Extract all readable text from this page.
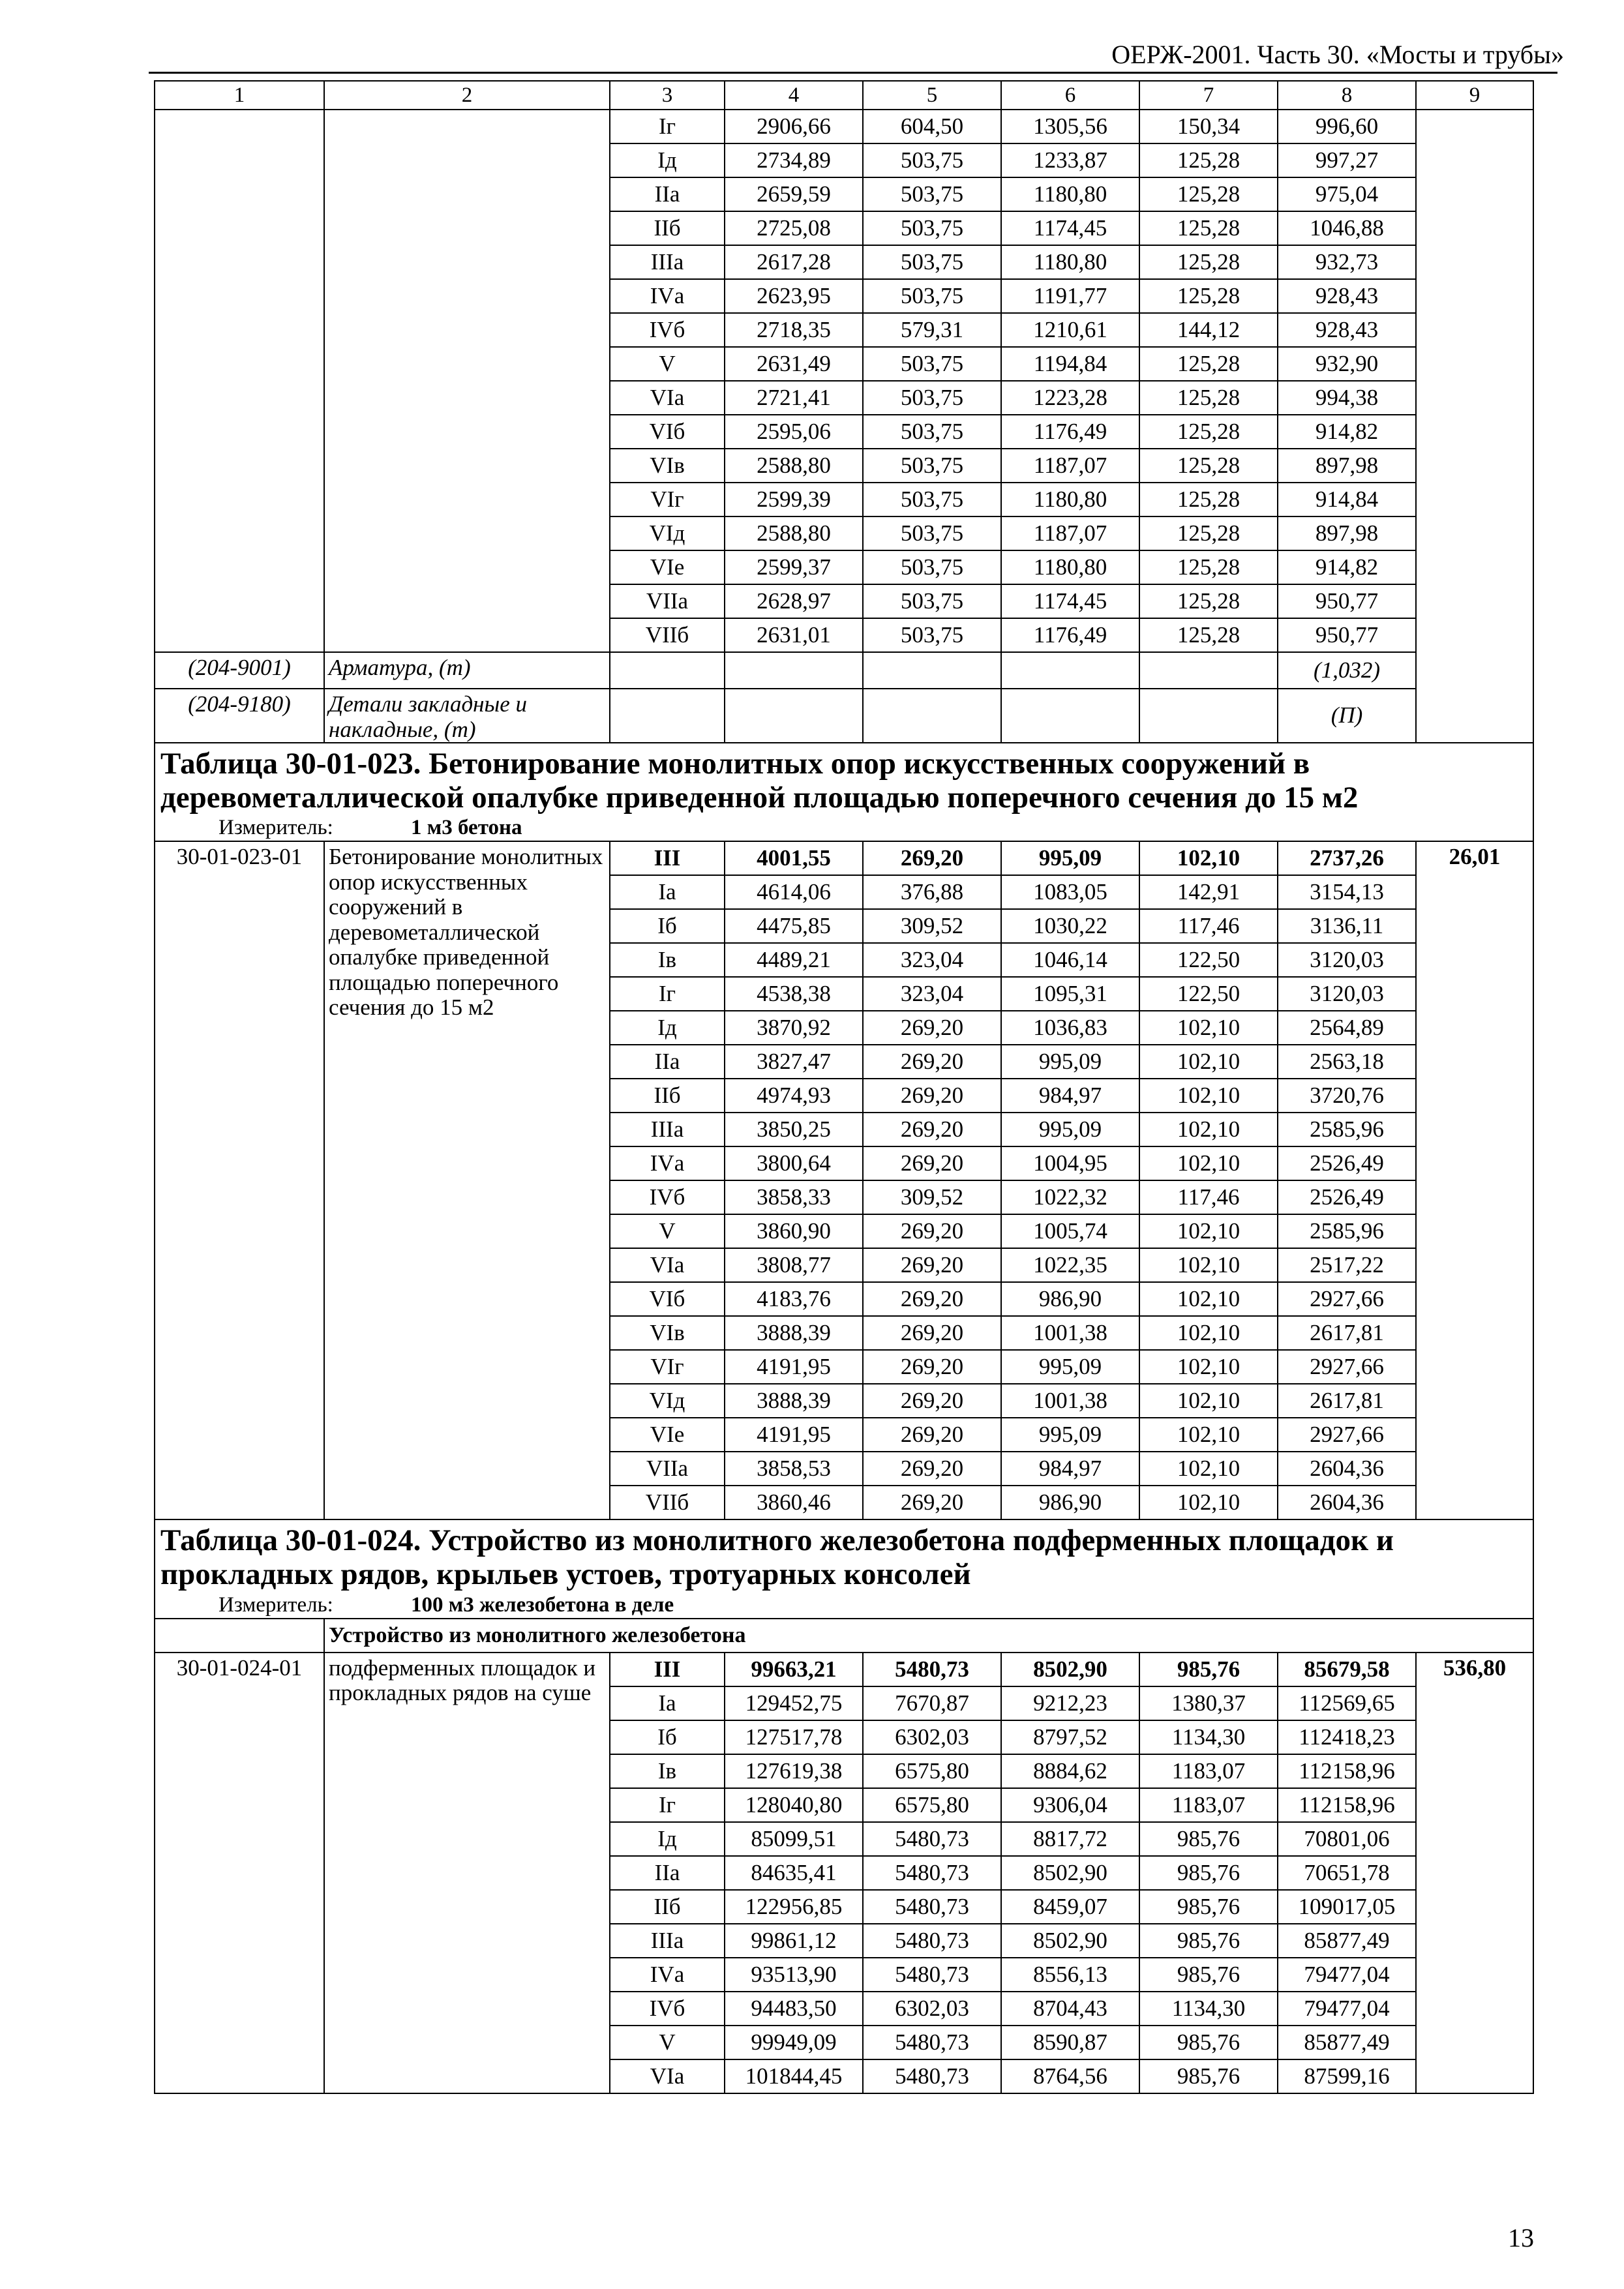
ОЕРЖ-2001. Часть 30. «Мосты и трубы»
1	2	3	4	5	6	7	8	9
		Iг	2906,66	604,50	1305,56	150,34	996,60	
		Iд	2734,89	503,75	1233,87	125,28	997,27	
		IIа	2659,59	503,75	1180,80	125,28	975,04	
		IIб	2725,08	503,75	1174,45	125,28	1046,88	
		IIIа	2617,28	503,75	1180,80	125,28	932,73	
		IVа	2623,95	503,75	1191,77	125,28	928,43	
		IVб	2718,35	579,31	1210,61	144,12	928,43	
		V	2631,49	503,75	1194,84	125,28	932,90	
		VIа	2721,41	503,75	1223,28	125,28	994,38	
		VIб	2595,06	503,75	1176,49	125,28	914,82	
		VIв	2588,80	503,75	1187,07	125,28	897,98	
		VIг	2599,39	503,75	1180,80	125,28	914,84	
		VIд	2588,80	503,75	1187,07	125,28	897,98	
		VIе	2599,37	503,75	1180,80	125,28	914,82	
		VIIа	2628,97	503,75	1174,45	125,28	950,77	
		VIIб	2631,01	503,75	1176,49	125,28	950,77	
(204-9001)	Арматура, (т)						(1,032)	
(204-9180)	Детали закладные и накладные, (т)						(П)	
Таблица 30-01-023. Бетонирование монолитных опор искусственных сооружений в деревометаллической опалубке приведенной площадью поперечного сечения до 15 м2								
Измеритель: 1 м3 бетона								
30-01-023-01	Бетонирование монолитных опор искусственных сооружений в деревометаллической опалубке приведенной площадью поперечного сечения до 15 м2	III	4001,55	269,20	995,09	102,10	2737,26	26,01
		Iа	4614,06	376,88	1083,05	142,91	3154,13	
		Iб	4475,85	309,52	1030,22	117,46	3136,11	
		Iв	4489,21	323,04	1046,14	122,50	3120,03	
		Iг	4538,38	323,04	1095,31	122,50	3120,03	
		Iд	3870,92	269,20	1036,83	102,10	2564,89	
		IIа	3827,47	269,20	995,09	102,10	2563,18	
		IIб	4974,93	269,20	984,97	102,10	3720,76	
		IIIа	3850,25	269,20	995,09	102,10	2585,96	
		IVа	3800,64	269,20	1004,95	102,10	2526,49	
		IVб	3858,33	309,52	1022,32	117,46	2526,49	
		V	3860,90	269,20	1005,74	102,10	2585,96	
		VIа	3808,77	269,20	1022,35	102,10	2517,22	
		VIб	4183,76	269,20	986,90	102,10	2927,66	
		VIв	3888,39	269,20	1001,38	102,10	2617,81	
		VIг	4191,95	269,20	995,09	102,10	2927,66	
		VIд	3888,39	269,20	1001,38	102,10	2617,81	
		VIе	4191,95	269,20	995,09	102,10	2927,66	
		VIIа	3858,53	269,20	984,97	102,10	2604,36	
		VIIб	3860,46	269,20	986,90	102,10	2604,36	
Таблица 30-01-024. Устройство из монолитного железобетона подферменных площадок и прокладных рядов, крыльев устоев, тротуарных консолей								
Измеритель: 100 м3 железобетона в деле								
	Устройство из монолитного железобетона							
30-01-024-01	подферменных площадок и прокладных рядов на суше	III	99663,21	5480,73	8502,90	985,76	85679,58	536,80
		Iа	129452,75	7670,87	9212,23	1380,37	112569,65	
		Iб	127517,78	6302,03	8797,52	1134,30	112418,23	
		Iв	127619,38	6575,80	8884,62	1183,07	112158,96	
		Iг	128040,80	6575,80	9306,04	1183,07	112158,96	
		Iд	85099,51	5480,73	8817,72	985,76	70801,06	
		IIа	84635,41	5480,73	8502,90	985,76	70651,78	
		IIб	122956,85	5480,73	8459,07	985,76	109017,05	
		IIIа	99861,12	5480,73	8502,90	985,76	85877,49	
		IVа	93513,90	5480,73	8556,13	985,76	79477,04	
		IVб	94483,50	6302,03	8704,43	1134,30	79477,04	
		V	99949,09	5480,73	8590,87	985,76	85877,49	
		VIа	101844,45	5480,73	8764,56	985,76	87599,16	
13
